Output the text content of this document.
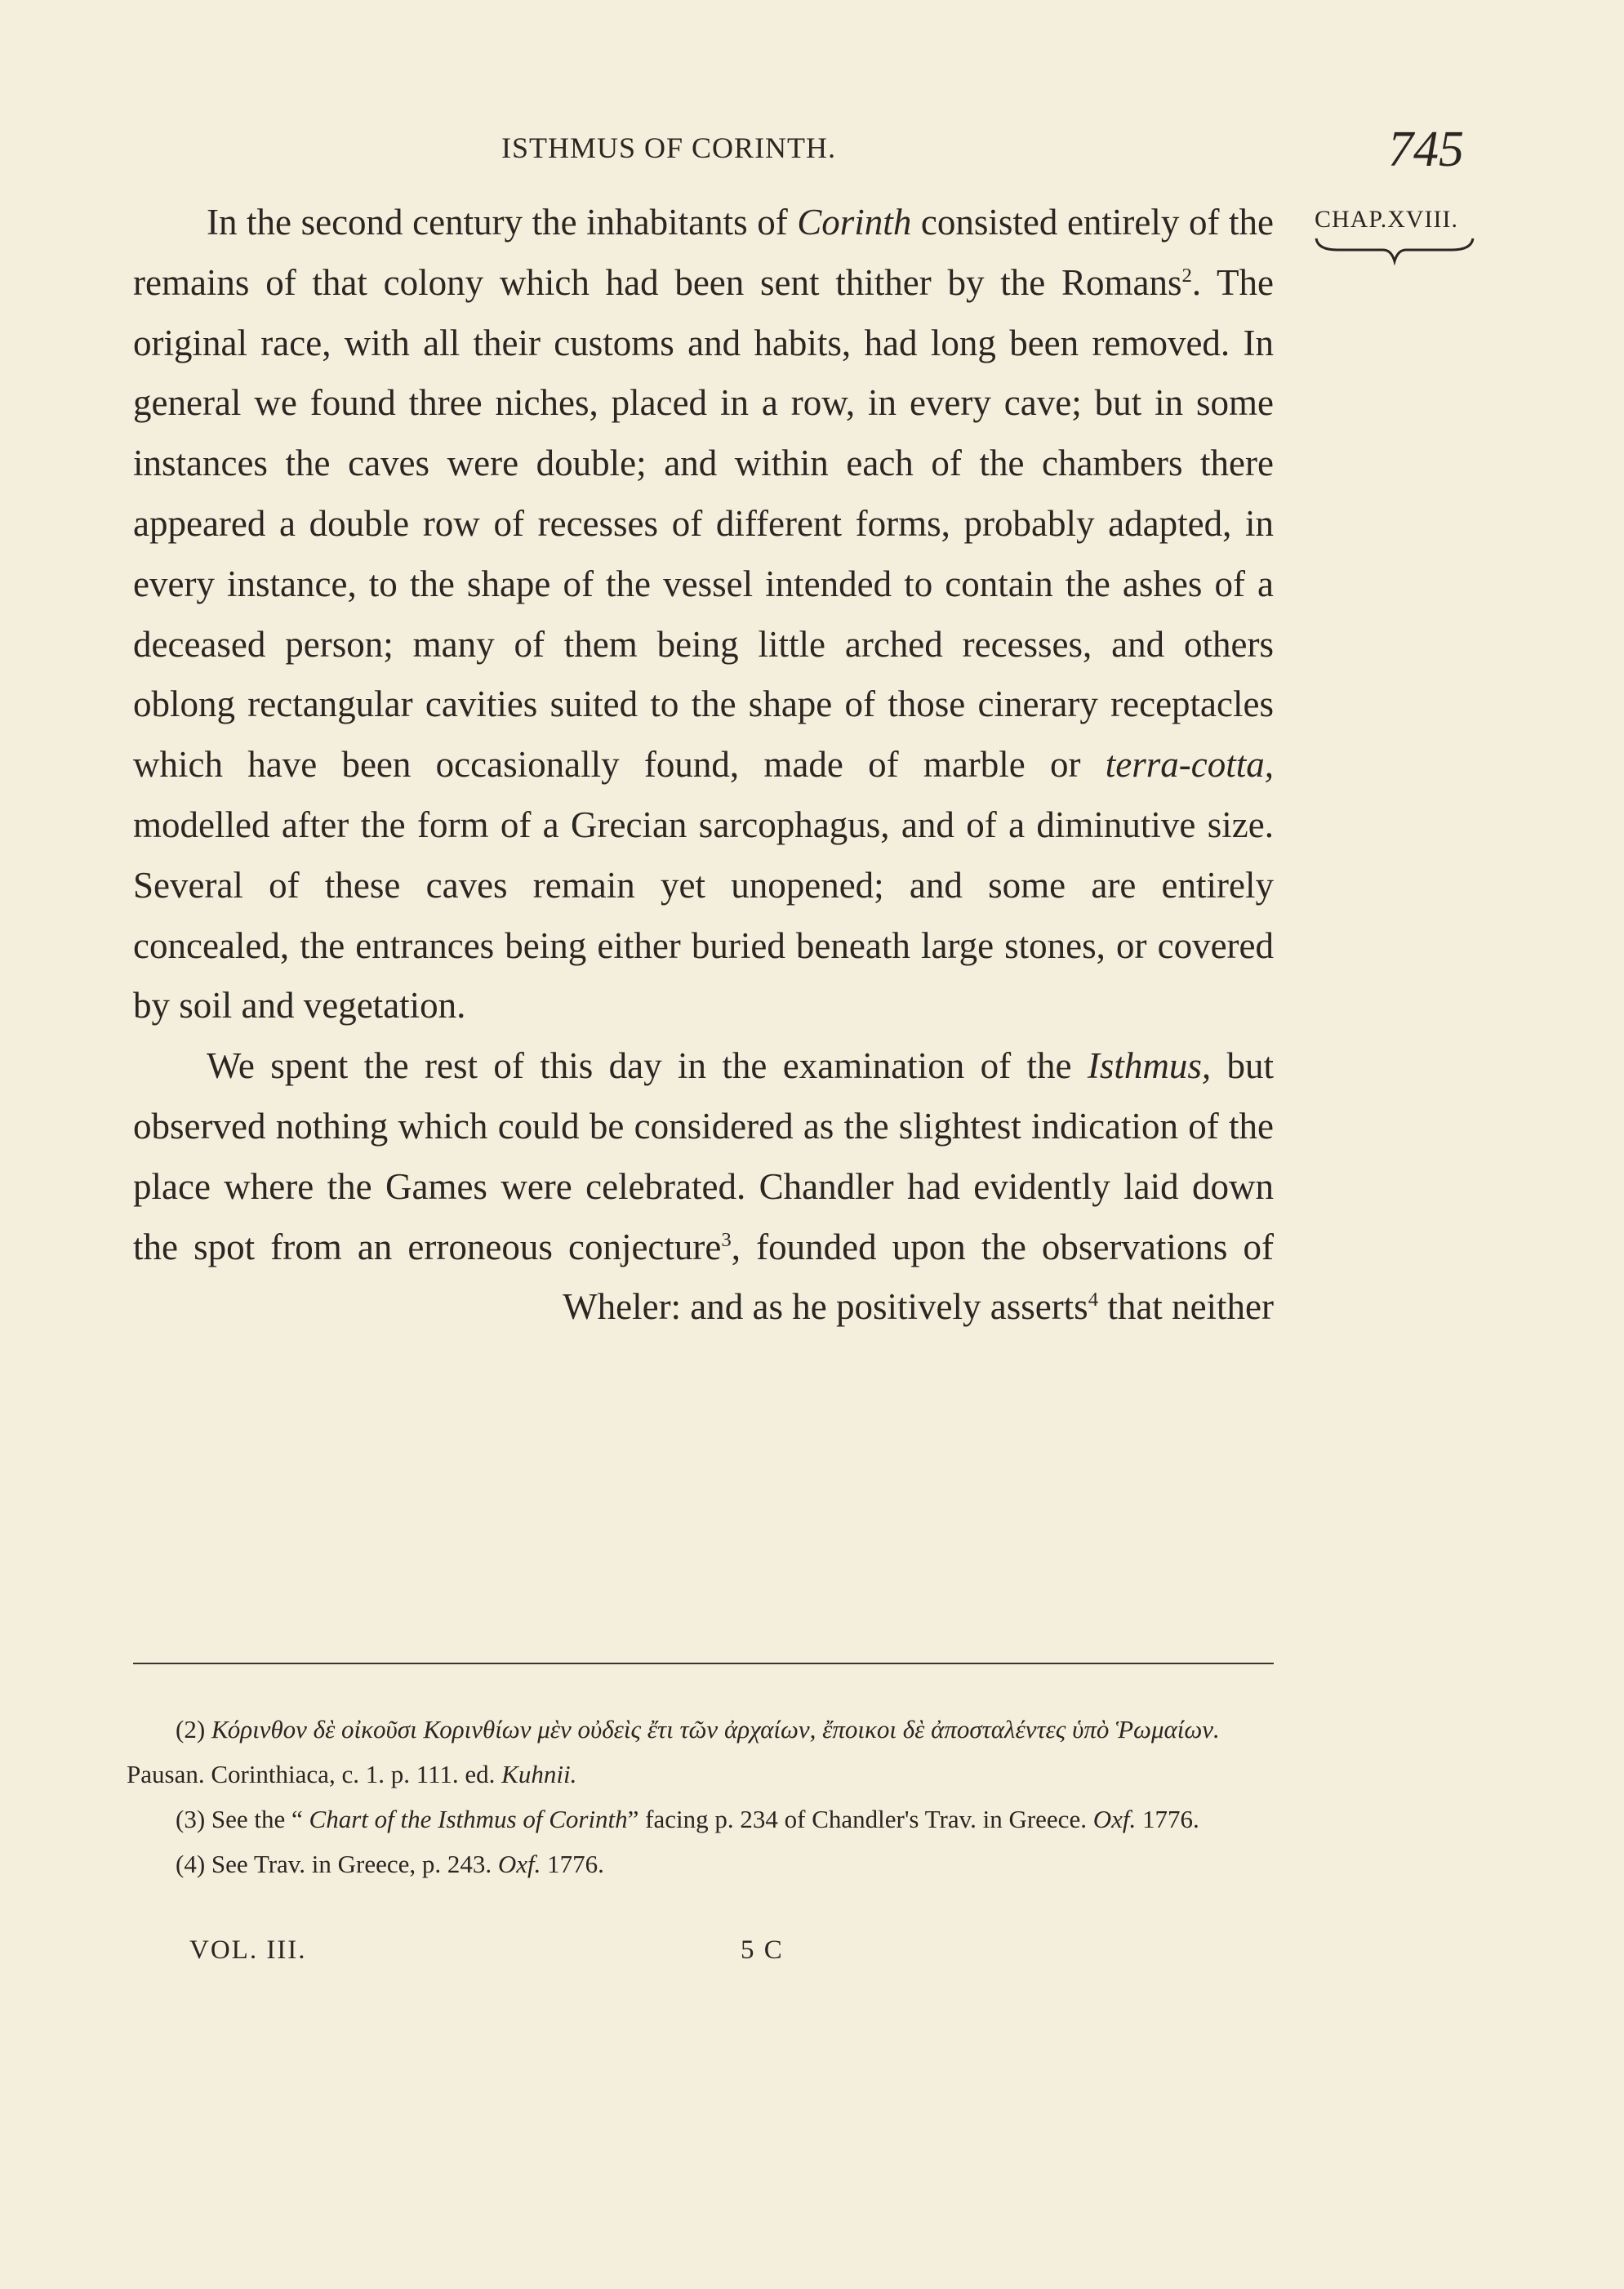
ISTHMUS OF CORINTH.	745
CHAP.XVIII.

In the second century the inhabitants of Corinth consisted entirely of the remains of that colony which had been sent thither by the Romans$^2$. The original race, with all their customs and habits, had long been removed. In general we found three niches, placed in a row, in every cave; but in some instances the caves were double; and within each of the chambers there appeared a double row of recesses of different forms, probably adapted, in every instance, to the shape of the vessel intended to contain the ashes of a deceased person; many of them being little arched recesses, and others oblong rectangular cavities suited to the shape of those cinerary receptacles which have been occasionally found, made of marble or terra-cotta, modelled after the form of a Grecian sarcophagus, and of a diminutive size. Several of these caves remain yet unopened; and some are entirely concealed, the entrances being either buried beneath large stones, or covered by soil and vegetation.

We spent the rest of this day in the examination of the Isthmus, but observed nothing which could be considered as the slightest indication of the place where the Games were celebrated. Chandler had evidently laid down the spot from an erroneous conjecture$^3$, founded upon the observations of Wheler: and as he positively asserts$^4$ that neither

(2) Κόρινθον δὲ οἰκοῦσι Κορινθίων μὲν οὐδεὶς ἔτι τῶν ἀρχαίων, ἔποικοι δὲ ἀποσταλέντες ὑπὸ Ῥωμαίων. Pausan. Corinthiaca, c. 1. p. 111. ed. Kuhnii.

(3) See the “ Chart of the Isthmus of Corinth” facing p. 234 of Chandler's Trav. in Greece. Oxf. 1776.

(4) See Trav. in Greece, p. 243. Oxf. 1776.

VOL. III.	5 C
